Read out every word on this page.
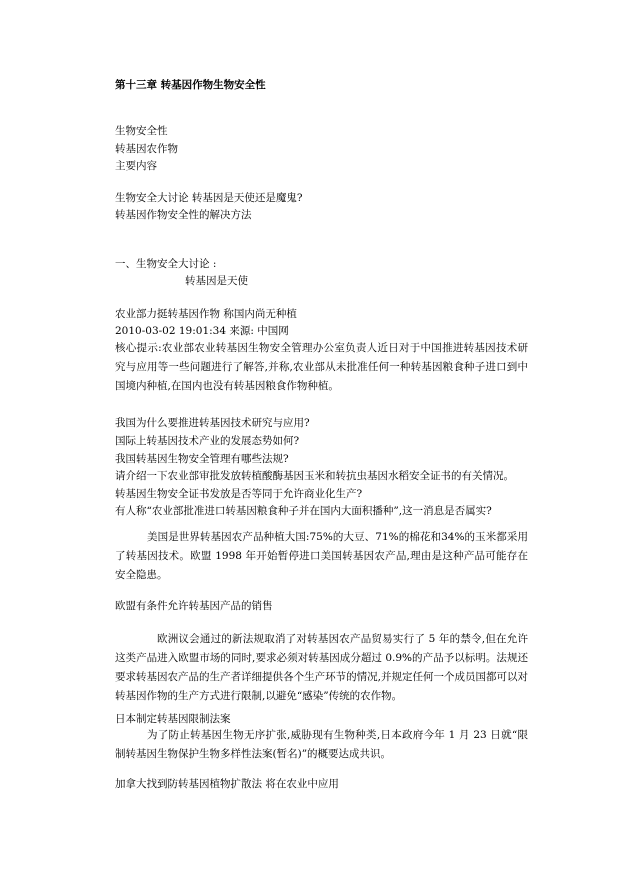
第十三章 转基因作物生物安全性
生物安全性
转基因农作物
主要内容
生物安全大讨论 转基因是天使还是魔鬼?
转基因作物安全性的解决方法
一、生物安全大讨论 :
转基因是天使
农业部力挺转基因作物 称国内尚无种植
2010-03-02 19:01:34 来源: 中国网
核心提示:农业部农业转基因生物安全管理办公室负责人近日对于中国推进转基因技术研究与应用等一些问题进行了解答,并称,农业部从未批准任何一种转基因粮食种子进口到中国境内种植,在国内也没有转基因粮食作物种植。
我国为什么要推进转基因技术研究与应用?
国际上转基因技术产业的发展态势如何?
我国转基因生物安全管理有哪些法规?
请介绍一下农业部审批发放转植酸酶基因玉米和转抗虫基因水稻安全证书的有关情况。
转基因生物安全证书发放是否等同于允许商业化生产?
有人称“农业部批准进口转基因粮食种子并在国内大面积播种”,这一消息是否属实?
美国是世界转基因农产品种植大国:75%的大豆、71%的棉花和34%的玉米都采用了转基因技术。欧盟 1998 年开始暂停进口美国转基因农产品,理由是这种产品可能存在安全隐患。
欧盟有条件允许转基因产品的销售
欧洲议会通过的新法规取消了对转基因农产品贸易实行了 5 年的禁令,但在允许这类产品进入欧盟市场的同时,要求必须对转基因成分超过 0.9%的产品予以标明。法规还要求转基因农产品的生产者详细提供各个生产环节的情况,并规定任何一个成员国都可以对转基因作物的生产方式进行限制,以避免“感染”传统的农作物。
日本制定转基因限制法案
为了防止转基因生物无序扩张,威胁现有生物种类,日本政府今年 1 月 23 日就“限制转基因生物保护生物多样性法案(暂名)”的概要达成共识。
加拿大找到防转基因植物扩散法 将在农业中应用
